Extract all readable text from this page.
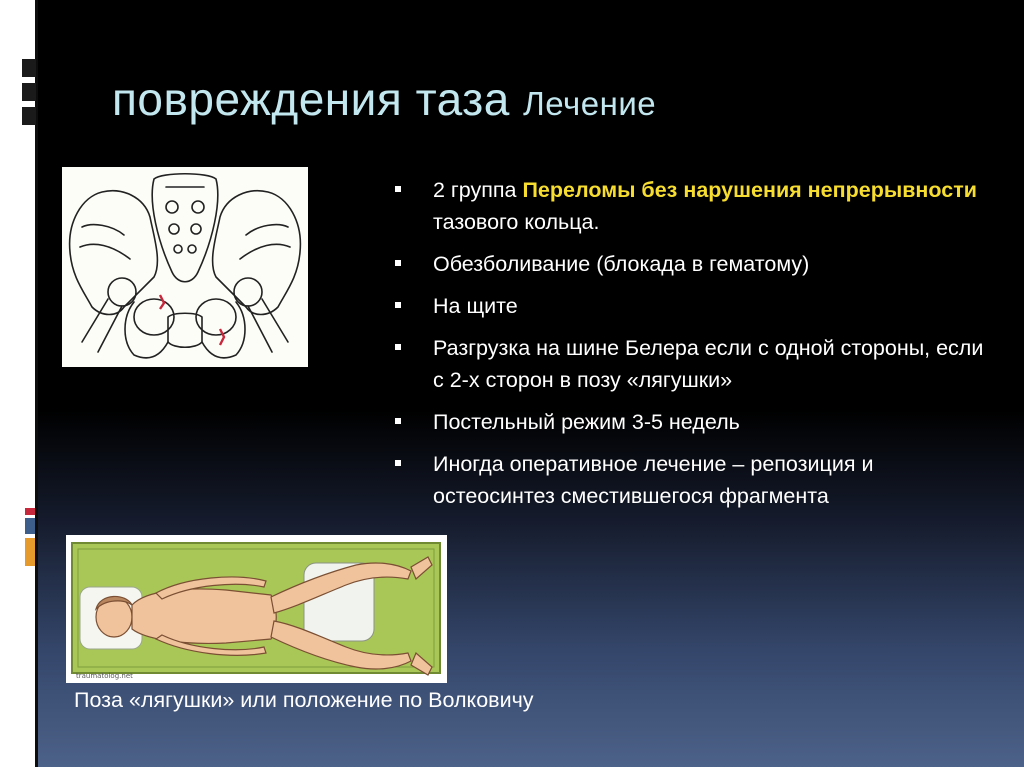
повреждения таза Лечение
2 группа Переломы без нарушения непрерывности тазового кольца.
Обезболивание (блокада в гематому)
На щите
Разгрузка на шине Белера если с одной стороны, если с 2-х сторон в позу «лягушки»
Постельный режим 3-5 недель
Иногда оперативное лечение – репозиция и остеосинтез сместившегося фрагмента
traumatolog.net

Поза «лягушки» или положение по Волковичу
